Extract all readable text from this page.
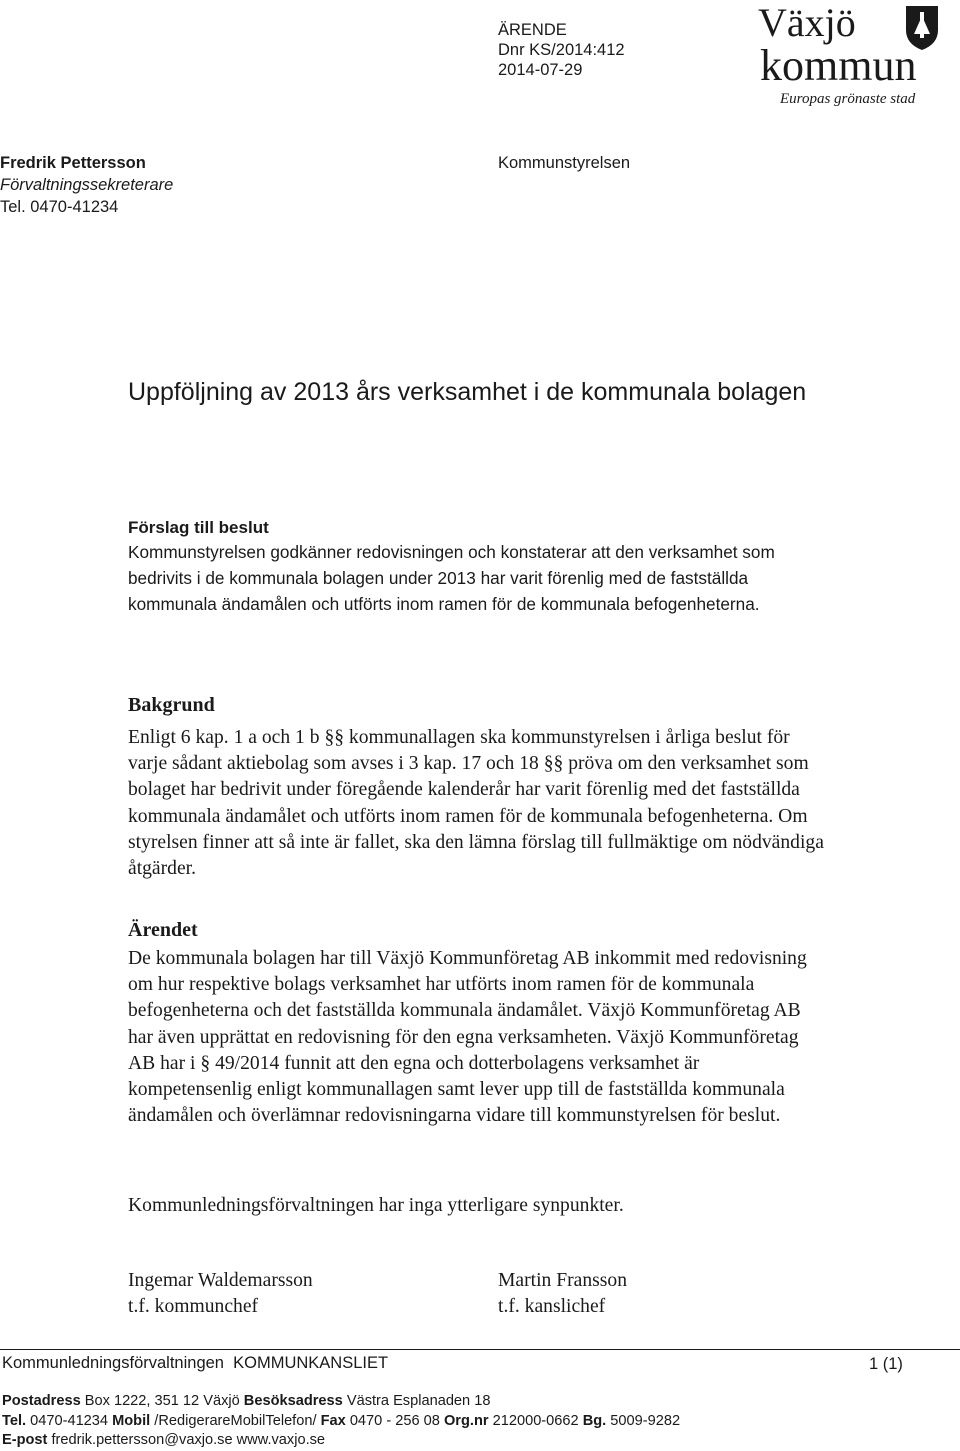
ÄRENDE
Dnr KS/2014:412
2014-07-29
Växjö
kommun
Europas grönaste stad
Fredrik Pettersson
Förvaltningssekreterare
Tel. 0470-41234
Kommunstyrelsen
Uppföljning av 2013 års verksamhet i de kommunala bolagen
Förslag till beslut
Kommunstyrelsen godkänner redovisningen och konstaterar att den verksamhet som bedrivits i de kommunala bolagen under 2013 har varit förenlig med de fastställda kommunala ändamålen och utförts inom ramen för de kommunala befogenheterna.
Bakgrund
Enligt 6 kap. 1 a och 1 b §§ kommunallagen ska kommunstyrelsen i årliga beslut för varje sådant aktiebolag som avses i 3 kap. 17 och 18 §§ pröva om den verksamhet som bolaget har bedrivit under föregående kalenderår har varit förenlig med det fastställda kommunala ändamålet och utförts inom ramen för de kommunala befogenheterna. Om styrelsen finner att så inte är fallet, ska den lämna förslag till fullmäktige om nödvändiga åtgärder.
Ärendet
De kommunala bolagen har till Växjö Kommunföretag AB inkommit med redovisning om hur respektive bolags verksamhet har utförts inom ramen för de kommunala befogenheterna och det fastställda kommunala ändamålet. Växjö Kommunföretag AB har även upprättat en redovisning för den egna verksamheten. Växjö Kommunföretag AB har i § 49/2014 funnit att den egna och dotterbolagens verksamhet är kompetensenlig enligt kommunallagen samt lever upp till de fastställda kommunala ändamålen och överlämnar redovisningarna vidare till kommunstyrelsen för beslut.
Kommunledningsförvaltningen har inga ytterligare synpunkter.
Ingemar Waldemarsson
t.f. kommunchef
Martin Fransson
t.f. kanslichef
Kommunledningsförvaltningen  KOMMUNKANSLIET	1 (1)
Postadress Box 1222, 351 12 Växjö Besöksadress Västra Esplanaden 18
Tel. 0470-41234 Mobil /RedigerareMobilTelefon/ Fax 0470 - 256 08 Org.nr 212000-0662 Bg. 5009-9282
E-post fredrik.pettersson@vaxjo.se www.vaxjo.se
